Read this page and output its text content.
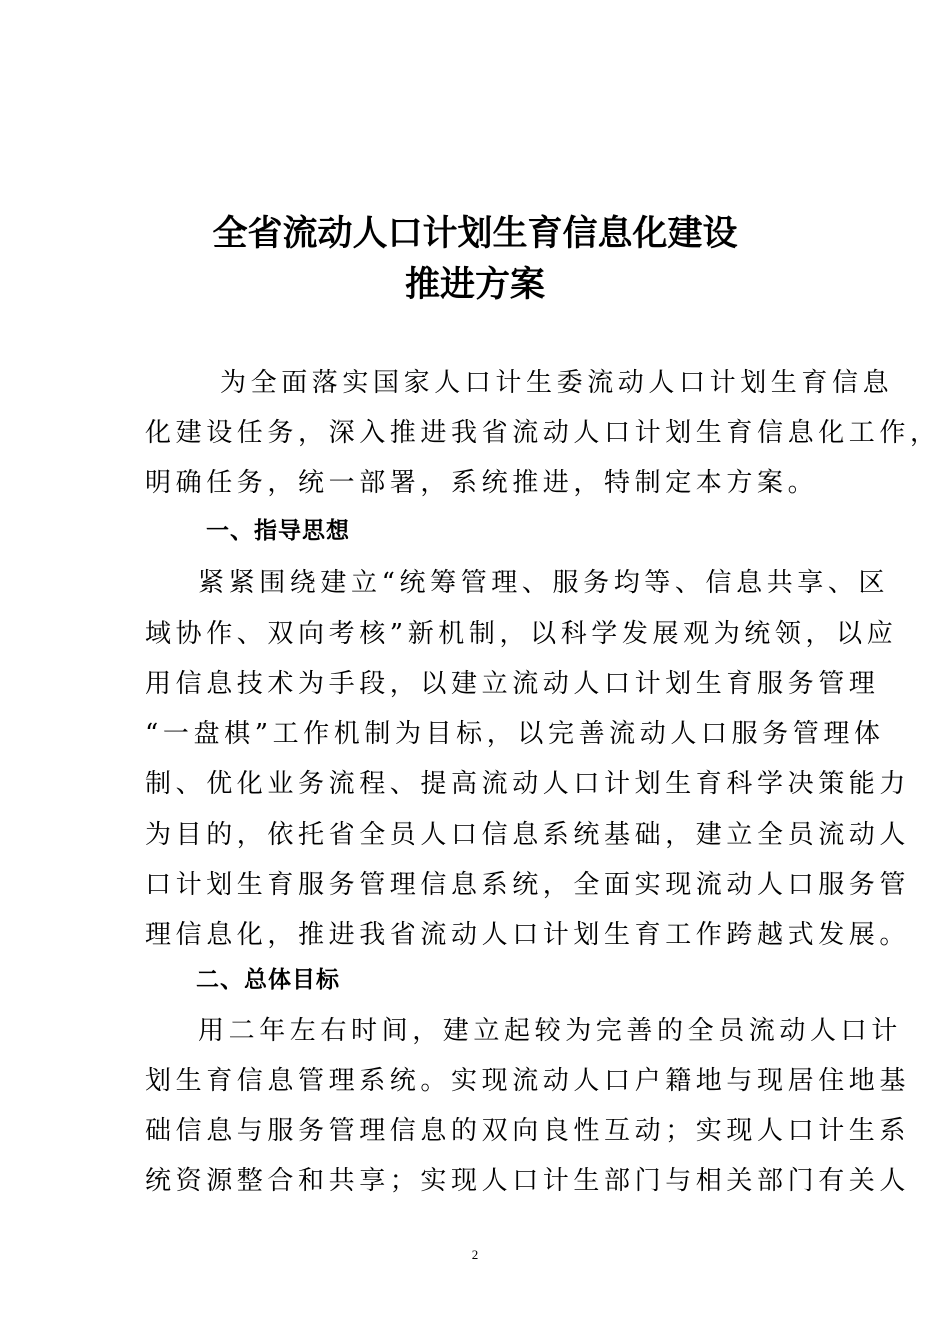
全省流动人口计划生育信息化建设
推进方案
为全面落实国家人口计生委流动人口计划生育信息
化建设任务，深入推进我省流动人口计划生育信息化工作，
明确任务，统一部署，系统推进，特制定本方案。
一、指导思想
紧紧围绕建立“统筹管理、服务均等、信息共享、区
域协作、双向考核”新机制，以科学发展观为统领，以应
用信息技术为手段，以建立流动人口计划生育服务管理
“一盘棋”工作机制为目标，以完善流动人口服务管理体
制、优化业务流程、提高流动人口计划生育科学决策能力
为目的，依托省全员人口信息系统基础，建立全员流动人
口计划生育服务管理信息系统，全面实现流动人口服务管
理信息化，推进我省流动人口计划生育工作跨越式发展。
二、总体目标
用二年左右时间，建立起较为完善的全员流动人口计
划生育信息管理系统。实现流动人口户籍地与现居住地基
础信息与服务管理信息的双向良性互动；实现人口计生系
统资源整合和共享；实现人口计生部门与相关部门有关人
2
